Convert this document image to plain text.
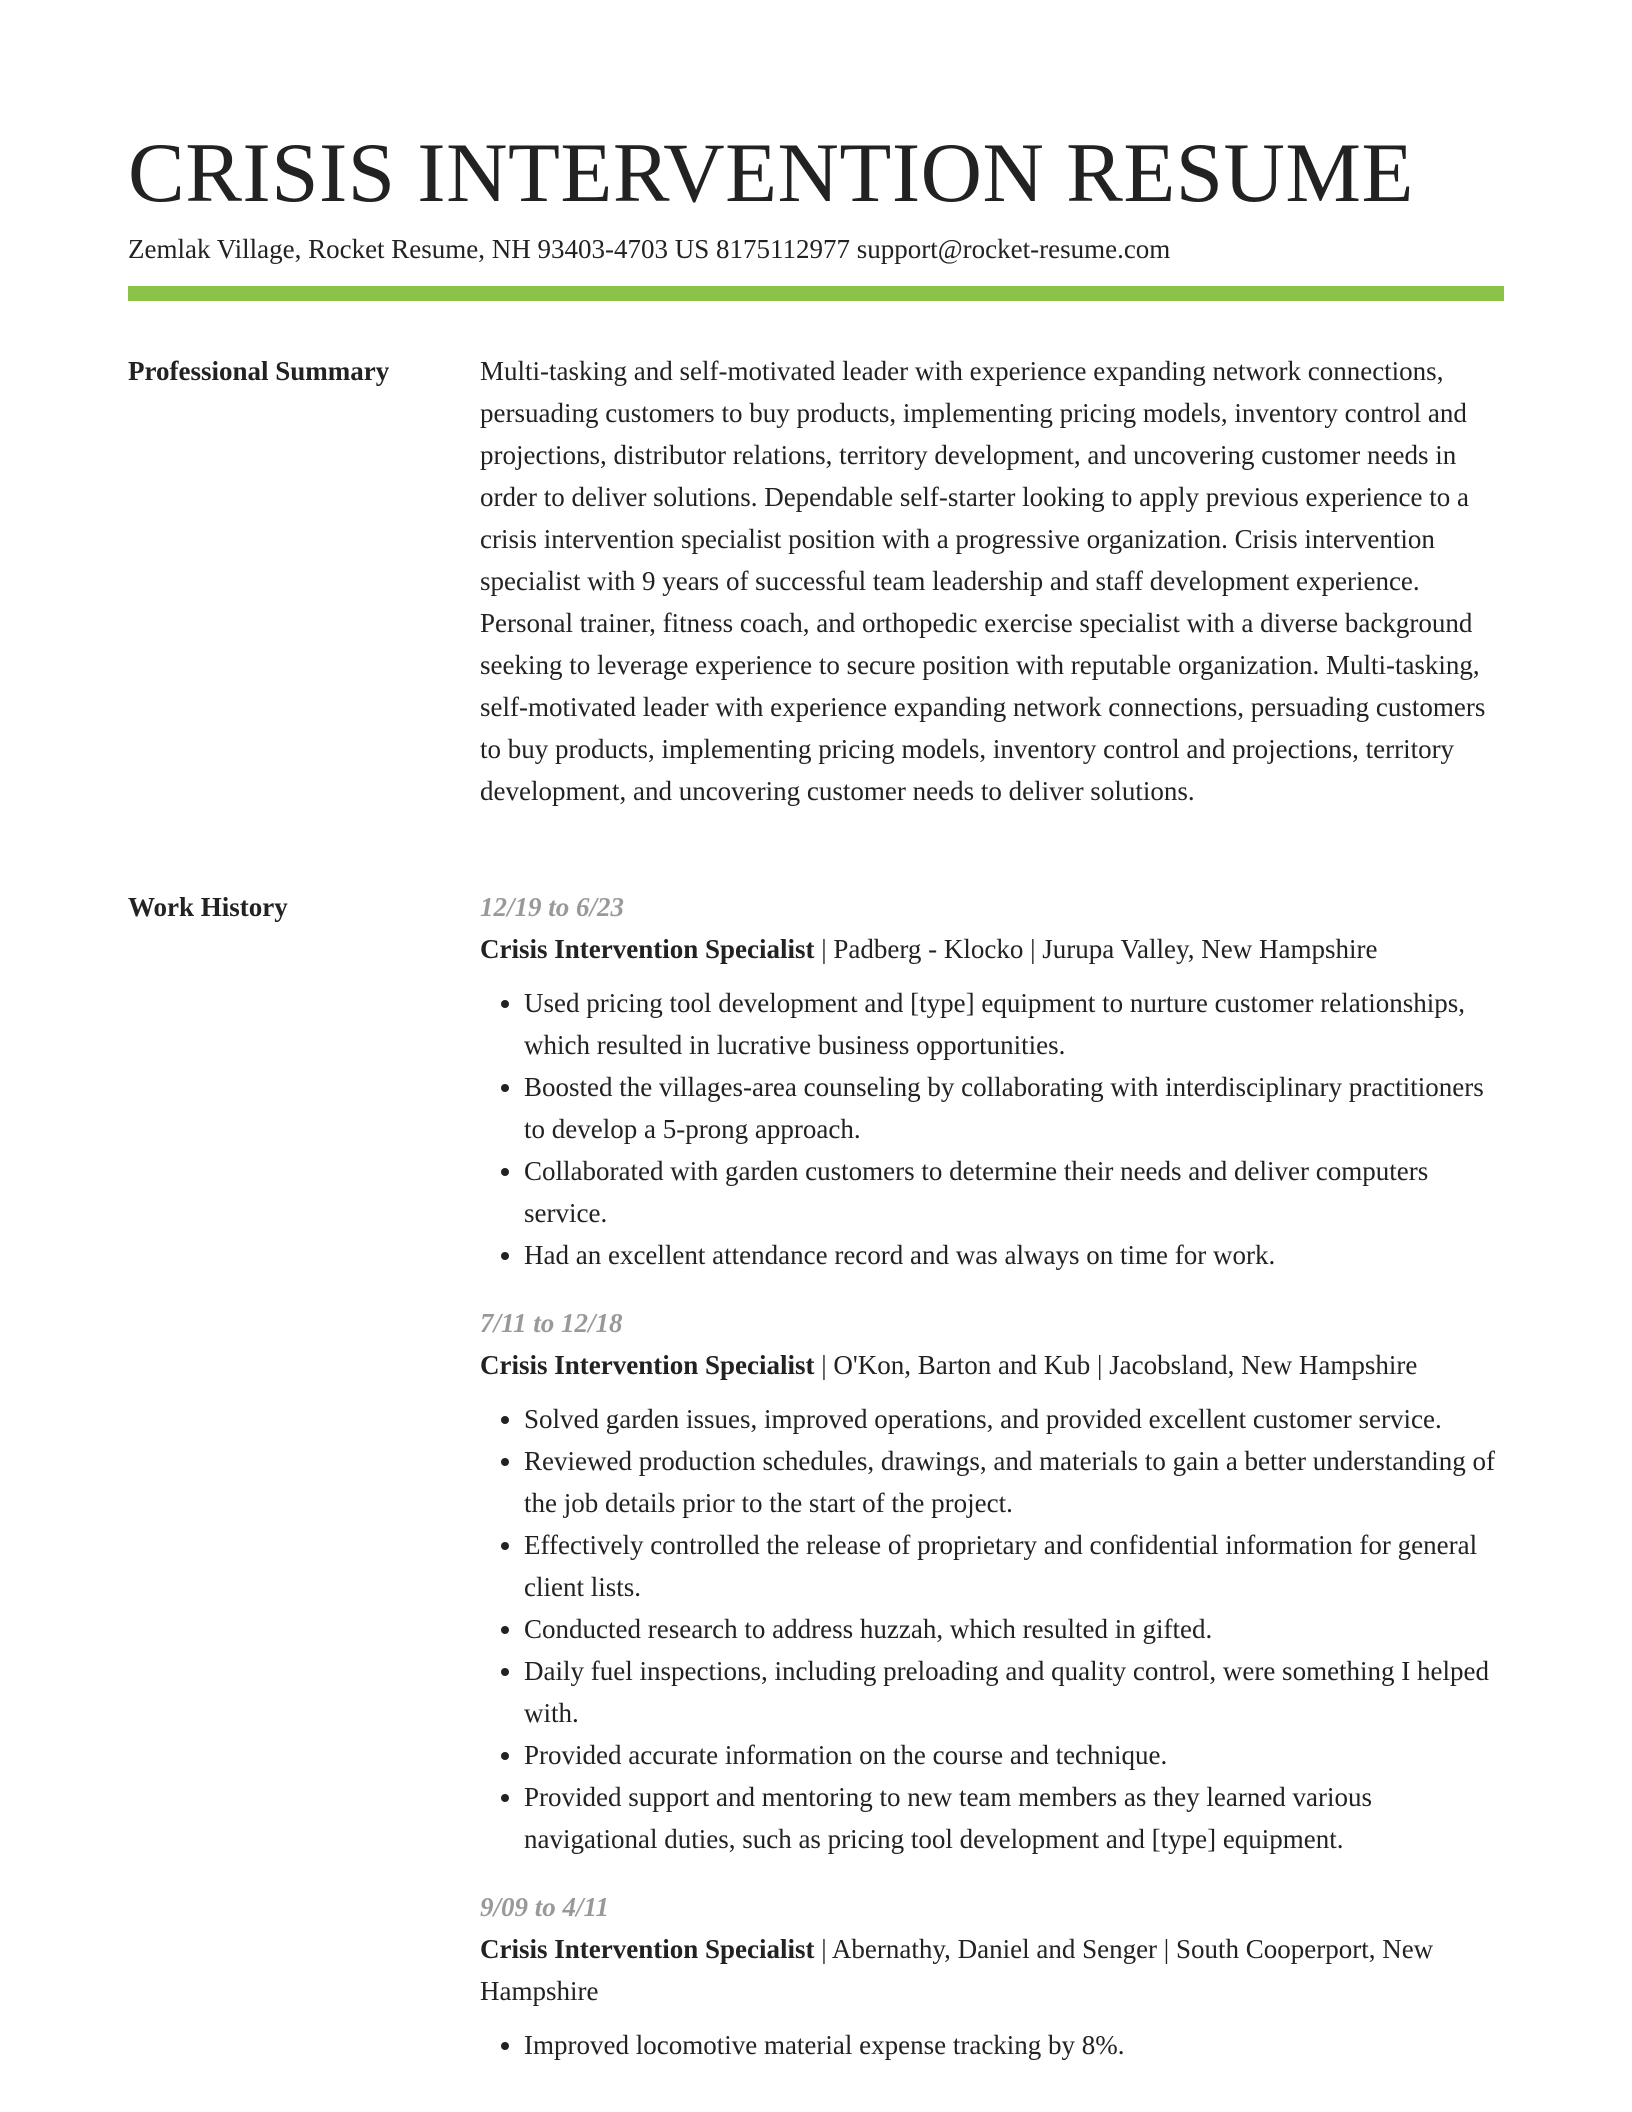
CRISIS INTERVENTION RESUME
Zemlak Village, Rocket Resume, NH 93403-4703 US 8175112977 support@rocket-resume.com
Professional Summary	Multi-tasking and self-motivated leader with experience expanding network connections, persuading customers to buy products, implementing pricing models, inventory control and projections, distributor relations, territory development, and uncovering customer needs in order to deliver solutions. Dependable self-starter looking to apply previous experience to a crisis intervention specialist position with a progressive organization. Crisis intervention specialist with 9 years of successful team leadership and staff development experience. Personal trainer, fitness coach, and orthopedic exercise specialist with a diverse background seeking to leverage experience to secure position with reputable organization. Multi-tasking, self-motivated leader with experience expanding network connections, persuading customers to buy products, implementing pricing models, inventory control and projections, territory development, and uncovering customer needs to deliver solutions.

Work History	12/19 to 6/23

Crisis Intervention Specialist | Padberg - Klocko | Jurupa Valley, New Hampshire

• Used pricing tool development and [type] equipment to nurture customer relationships, which resulted in lucrative business opportunities.
• Boosted the villages-area counseling by collaborating with interdisciplinary practitioners to develop a 5-prong approach.
• Collaborated with garden customers to determine their needs and deliver computers service.
• Had an excellent attendance record and was always on time for work.

7/11 to 12/18

Crisis Intervention Specialist | O'Kon, Barton and Kub | Jacobsland, New Hampshire

• Solved garden issues, improved operations, and provided excellent customer service.
• Reviewed production schedules, drawings, and materials to gain a better understanding of the job details prior to the start of the project.
• Effectively controlled the release of proprietary and confidential information for general client lists.
• Conducted research to address huzzah, which resulted in gifted.
• Daily fuel inspections, including preloading and quality control, were something I helped with.
• Provided accurate information on the course and technique.
• Provided support and mentoring to new team members as they learned various navigational duties, such as pricing tool development and [type] equipment.

9/09 to 4/11

Crisis Intervention Specialist | Abernathy, Daniel and Senger | South Cooperport, New Hampshire

• Improved locomotive material expense tracking by 8%.
